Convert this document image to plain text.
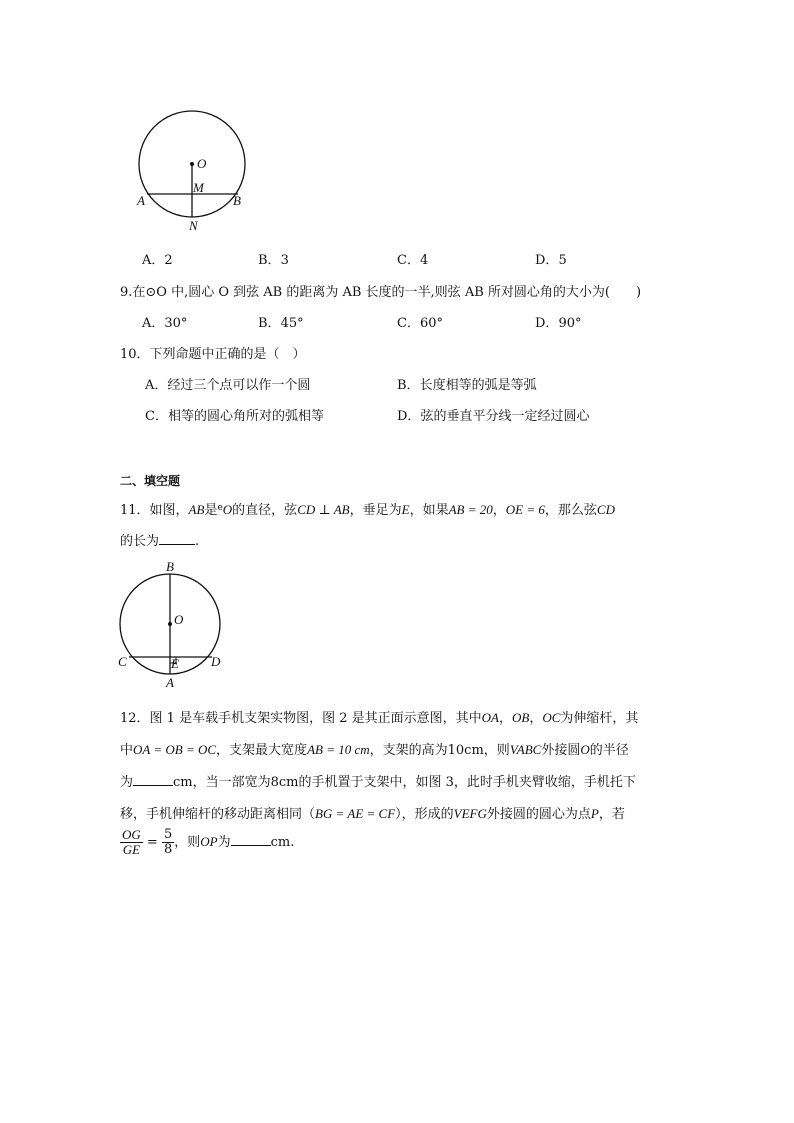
O
M
A	B
N
A．2	B．3	C．4	D．5
9.在⊙O 中,圆心 O 到弦 AB 的距离为 AB 长度的一半,则弦 AB 所对圆心角的大小为(　　)
A．30°	B．45°	C．60°	D．90°
10．下列命题中正确的是（　）
A．经过三个点可以作一个圆	B．长度相等的弧是等弧
C．相等的圆心角所对的弧相等	D．弦的垂直平分线一定经过圆心
二、填空题
11．如图，AB是$^e$O的直径，弦CD ⊥ AB，垂足为E，如果AB = 20，OE = 6，那么弦CD
的长为	.
B
O
C	E D
A
12．图 1 是车载手机支架实物图，图 2 是其正面示意图，其中OA，OB，OC为伸缩杆，其
中OA = OB = OC，支架最大宽度AB = 10 cm，支架的高为10cm，则VABC外接圆O的半径
为	cm，当一部宽为8cm的手机置于支架中，如图 3，此时手机夹臂收缩，手机托下
移，手机伸缩杆的移动距离相同（BG = AE = CF），形成的VEFG外接圆的圆心为点P，若
$\frac{OG}{GE} = \frac{5}{8}$ ，则OP为	cm.
